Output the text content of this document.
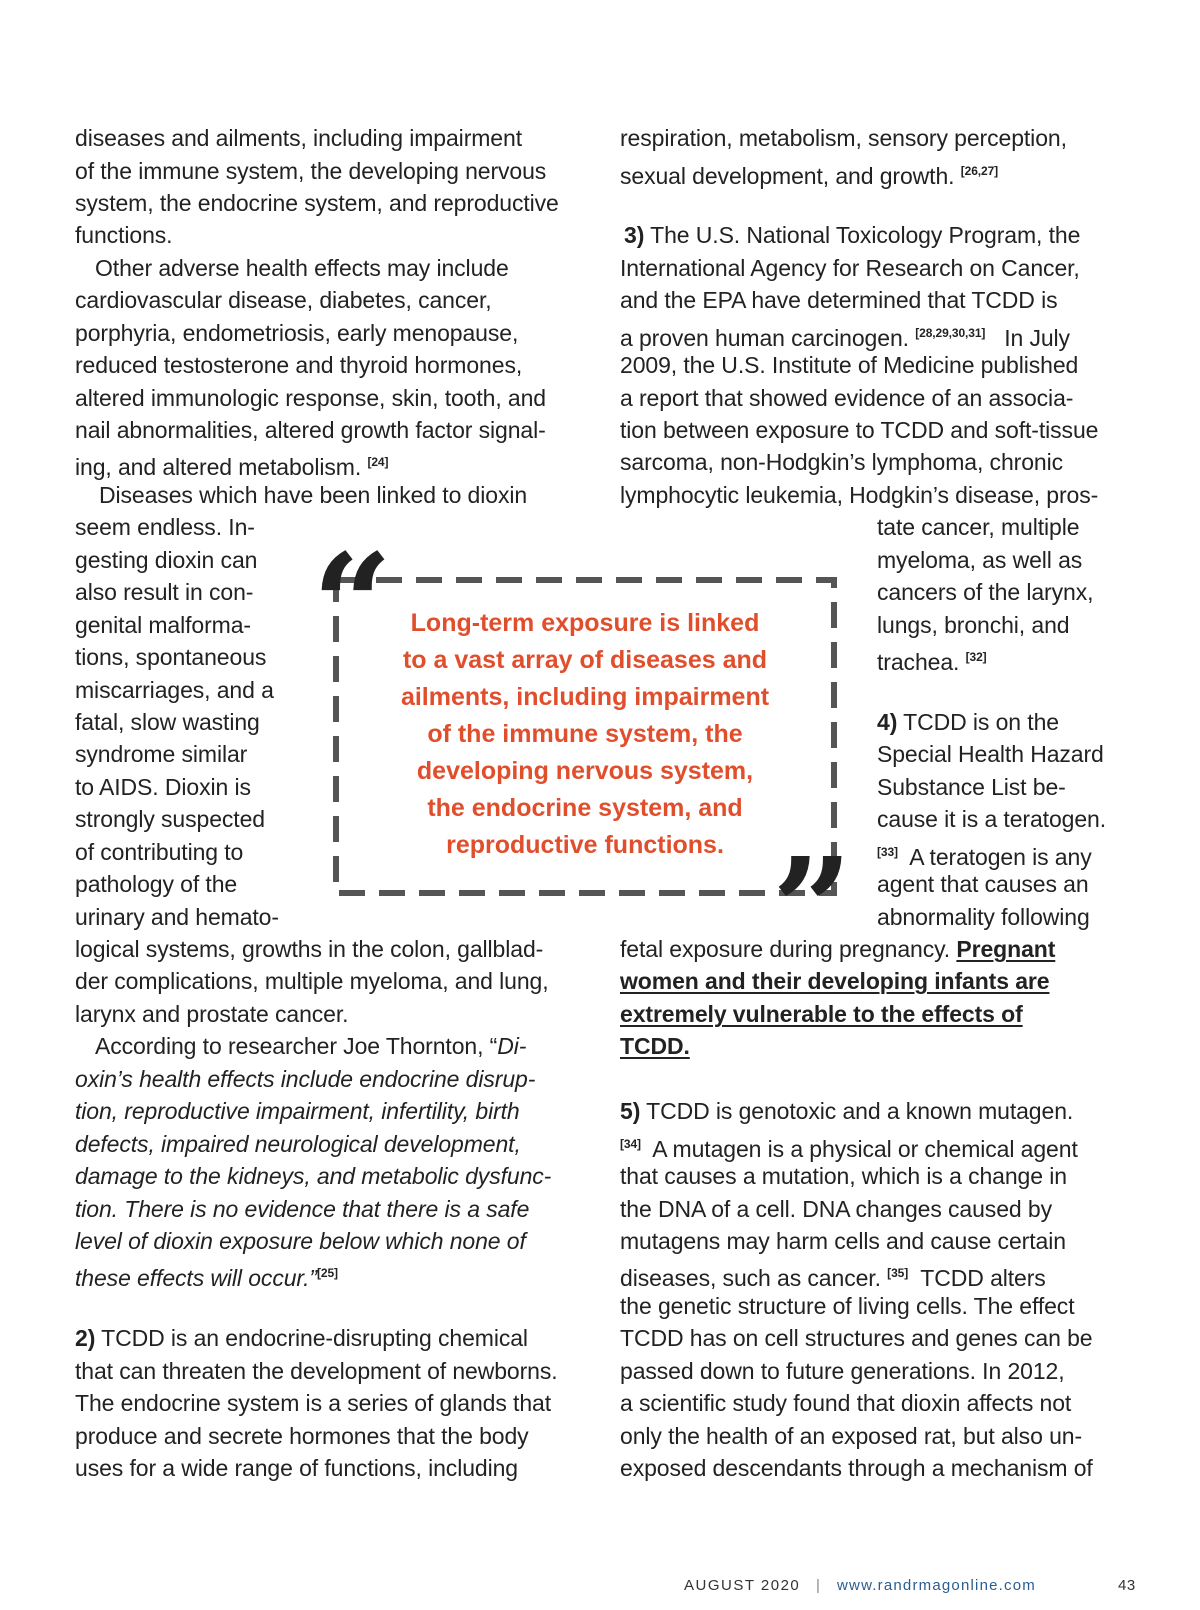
diseases and ailments, including impairment
of the immune system, the developing nervous
system, the endocrine system, and reproductive
functions.
Other adverse health effects may include
cardiovascular disease, diabetes, cancer,
porphyria, endometriosis, early menopause,
reduced testosterone and thyroid hormones,
altered immunologic response, skin, tooth, and
nail abnormalities, altered growth factor signal-
ing, and altered metabolism. [24]
Diseases which have been linked to dioxin
seem endless. In-
gesting dioxin can
also result in con-
genital malforma-
tions, spontaneous
miscarriages, and a
fatal, slow wasting
syndrome similar
to AIDS. Dioxin is
strongly suspected
of contributing to
pathology of the
urinary and hemato-
logical systems, growths in the colon, gallblad-
der complications, multiple myeloma, and lung,
larynx and prostate cancer.
According to researcher Joe Thornton, “Di-
oxin’s health effects include endocrine disrup-
tion, reproductive impairment, infertility, birth
defects, impaired neurological development,
damage to the kidneys, and metabolic dysfunc-
tion. There is no evidence that there is a safe
level of dioxin exposure below which none of
these effects will occur.”[25]
2) TCDD is an endocrine-disrupting chemical
that can threaten the development of newborns.
The endocrine system is a series of glands that
produce and secrete hormones that the body
uses for a wide range of functions, including
respiration, metabolism, sensory perception,
sexual development, and growth. [26,27]
3) The U.S. National Toxicology Program, the
International Agency for Research on Cancer,
and the EPA have determined that TCDD is
a proven human carcinogen. [28,29,30,31] In July
2009, the U.S. Institute of Medicine published
a report that showed evidence of an associa-
tion between exposure to TCDD and soft-tissue
sarcoma, non-Hodgkin’s lymphoma, chronic
lymphocytic leukemia, Hodgkin’s disease, pros-
tate cancer, multiple
myeloma, as well as
cancers of the larynx,
lungs, bronchi, and
trachea. [32]
4) TCDD is on the
Special Health Hazard
Substance List be-
cause it is a teratogen.
[33] A teratogen is any
agent that causes an
abnormality following
fetal exposure during pregnancy. Pregnant
women and their developing infants are
extremely vulnerable to the effects of
TCDD.
5) TCDD is genotoxic and a known mutagen.
[34] A mutagen is a physical or chemical agent
that causes a mutation, which is a change in
the DNA of a cell. DNA changes caused by
mutagens may harm cells and cause certain
diseases, such as cancer. [35] TCDD alters
the genetic structure of living cells. The effect
TCDD has on cell structures and genes can be
passed down to future generations. In 2012,
a scientific study found that dioxin affects not
only the health of an exposed rat, but also un-
exposed descendants through a mechanism of
“
”
Long-term exposure is linked
to a vast array of diseases and
ailments, including impairment
of the immune system, the
developing nervous system,
the endocrine system, and
reproductive functions.
AUGUST 2020 | www.randrmagonline.com	43
